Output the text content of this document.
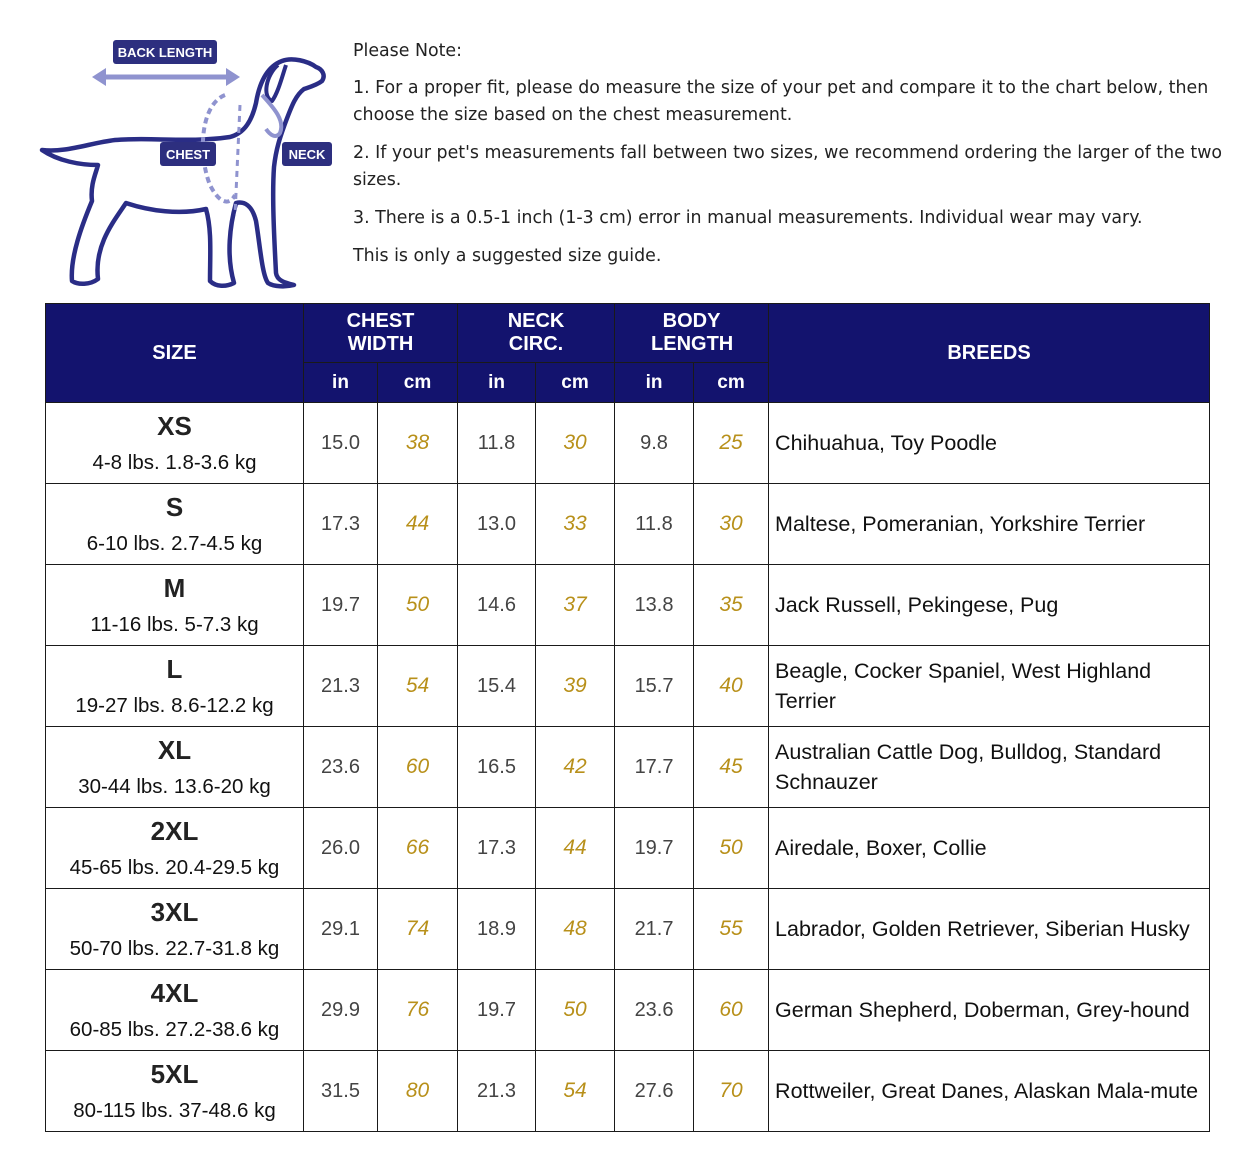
BACK LENGTH
CHEST	NECK

Please Note:

1. For a proper fit, please do measure the size of your pet and compare it to the chart below, then choose the size based on the chest measurement.

2. If your pet's measurements fall between two sizes, we recommend ordering the larger of the two sizes.

3. There is a 0.5-1 inch (1-3 cm) error in manual measurements. Individual wear may vary.

This is only a suggested size guide.

SIZE	CHEST WIDTH		NECK CIRC.		BODY LENGTH		BREEDS
	in	cm	in	cm	in	cm	

XS
4-8 lbs. 1.8-3.6 kg	15.0	38	11.8	30	9.8	25	Chihuahua, Toy Poodle

S
6-10 lbs. 2.7-4.5 kg	17.3	44	13.0	33	11.8	30	Maltese, Pomeranian, Yorkshire Terrier

M
11-16 lbs. 5-7.3 kg	19.7	50	14.6	37	13.8	35	Jack Russell, Pekingese, Pug

L
19-27 lbs. 8.6-12.2 kg	21.3	54	15.4	39	15.7	40	Beagle, Cocker Spaniel, West Highland Terrier

XL
30-44 lbs. 13.6-20 kg	23.6	60	16.5	42	17.7	45	Australian Cattle Dog, Bulldog, Standard Schnauzer

2XL
45-65 lbs. 20.4-29.5 kg	26.0	66	17.3	44	19.7	50	Airedale, Boxer, Collie

3XL
50-70 lbs. 22.7-31.8 kg	29.1	74	18.9	48	21.7	55	Labrador, Golden Retriever, Siberian Husky

4XL
60-85 lbs. 27.2-38.6 kg	29.9	76	19.7	50	23.6	60	German Shepherd, Doberman, Grey-hound

5XL
80-115 lbs. 37-48.6 kg	31.5	80	21.3	54	27.6	70	Rottweiler, Great Danes, Alaskan Mala-mute
